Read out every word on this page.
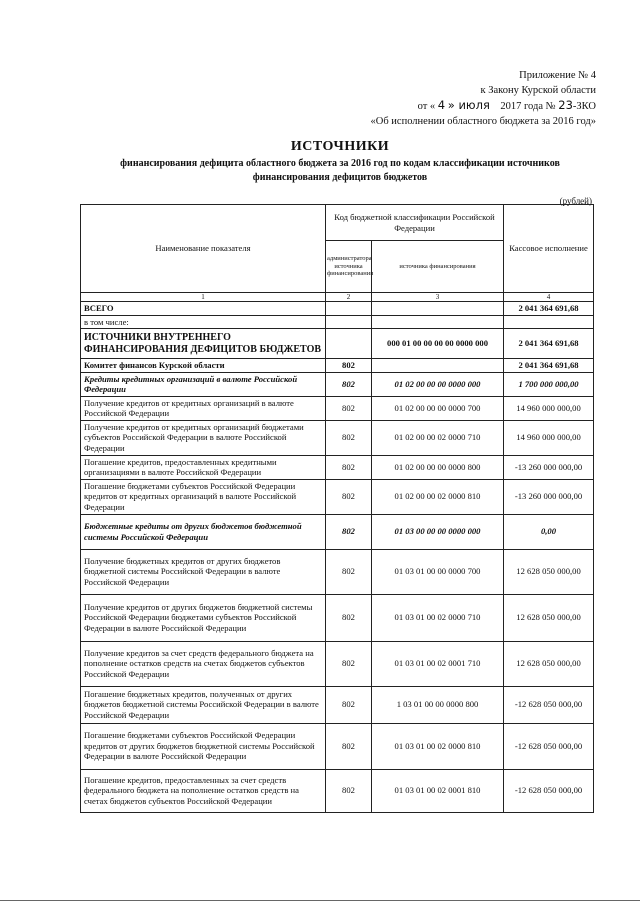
Приложение № 4
к Закону Курской области
от « 4 » июля 2017 года № 23-ЗКО
«Об исполнении областного бюджета за 2016 год»
ИСТОЧНИКИ
финансирования дефицита областного бюджета за 2016 год по кодам классификации источников
финансирования дефицитов бюджетов
(рублей)
Наименование показателя	Код бюджетной классификации Российской Федерации		Кассовое исполнение
	администратора источника финансирования	источника финансирования	
1	2	3	4
ВСЕГО			2 041 364 691,68
в том числе:			
ИСТОЧНИКИ ВНУТРЕННЕГО ФИНАНСИРОВАНИЯ ДЕФИЦИТОВ БЮДЖЕТОВ		000 01 00 00 00 00 0000 000	2 041 364 691,68
Комитет финансов Курской области	802		2 041 364 691,68
Кредиты кредитных организаций в валюте Российской Федерации	802	01 02 00 00 00 0000 000	1 700 000 000,00
Получение кредитов от кредитных организаций в валюте Российской Федерации	802	01 02 00 00 00 0000 700	14 960 000 000,00
Получение кредитов от кредитных организаций бюджетами субъектов Российской Федерации в валюте Российской Федерации	802	01 02 00 00 02 0000 710	14 960 000 000,00
Погашение кредитов, предоставленных кредитными организациями в валюте Российской Федерации	802	01 02 00 00 00 0000 800	-13 260 000 000,00
Погашение бюджетами субъектов Российской Федерации кредитов от кредитных организаций в валюте Российской Федерации	802	01 02 00 00 02 0000 810	-13 260 000 000,00
Бюджетные кредиты от других бюджетов бюджетной системы Российской Федерации	802	01 03 00 00 00 0000 000	0,00
Получение бюджетных кредитов от других бюджетов бюджетной системы Российской Федерации в валюте Российской Федерации	802	01 03 01 00 00 0000 700	12 628 050 000,00
Получение кредитов от других бюджетов бюджетной системы Российской Федерации бюджетами субъектов Российской Федерации в валюте Российской Федерации	802	01 03 01 00 02 0000 710	12 628 050 000,00
Получение кредитов за счет средств федерального бюджета на пополнение остатков средств на счетах бюджетов субъектов Российской Федерации	802	01 03 01 00 02 0001 710	12 628 050 000,00
Погашение бюджетных кредитов, полученных от других бюджетов бюджетной системы Российской Федерации в валюте Российской Федерации	802	1 03 01 00 00 0000 800	-12 628 050 000,00
Погашение бюджетами субъектов Российской Федерации кредитов от других бюджетов бюджетной системы Российской Федерации в валюте Российской Федерации	802	01 03 01 00 02 0000 810	-12 628 050 000,00
Погашение кредитов, предоставленных за счет средств федерального бюджета на пополнение остатков средств на счетах бюджетов субъектов Российской Федерации	802	01 03 01 00 02 0001 810	-12 628 050 000,00
